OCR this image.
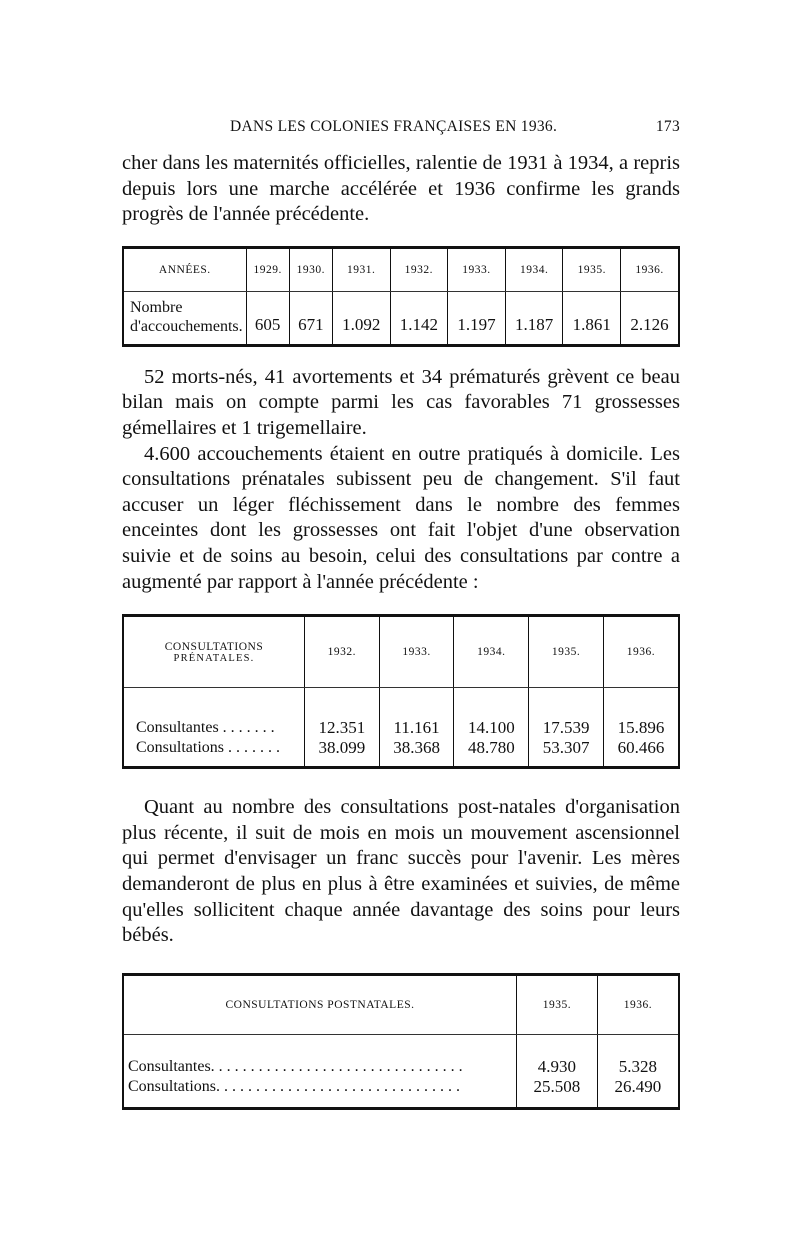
DANS LES COLONIES FRANÇAISES EN 1936.	173

cher dans les maternités officielles, ralentie de 1931 à 1934, a repris depuis lors une marche accélérée et 1936 confirme les grands progrès de l'année précédente.

ANNÉES.	1929.	1930.	1931.	1932.	1933.	1934.	1935.	1936.
Nombre d'accouchements.	605	671	1.092	1.142	1.197	1.187	1.861	2.126

52 morts-nés, 41 avortements et 34 prématurés grèvent ce beau bilan mais on compte parmi les cas favorables 71 grossesses gémellaires et 1 trigemellaire.

4.600 accouchements étaient en outre pratiqués à domicile. Les consultations prénatales subissent peu de changement. S'il faut accuser un léger fléchissement dans le nombre des femmes enceintes dont les grossesses ont fait l'objet d'une observation suivie et de soins au besoin, celui des consultations par contre a augmenté par rapport à l'année précédente :

CONSULTATIONS
PRÉNATALES.	1932.	1933.	1934.	1935.	1936.
Consultantes . . . . . . .	12.351	11.161	14.100	17.539	15.896
Consultations . . . . . . .	38.099	38.368	48.780	53.307	60.466

Quant au nombre des consultations post-natales d'organisation plus récente, il suit de mois en mois un mouvement ascensionnel qui permet d'envisager un franc succès pour l'avenir. Les mères demanderont de plus en plus à être examinées et suivies, de même qu'elles sollicitent chaque année davantage des soins pour leurs bébés.

CONSULTATIONS POSTNATALES.	1935.	1936.
Consultantes. . . . . . . . . . . . . . . . . . . . . . . . . . . . . . . .	4.930	5.328
Consultations. . . . . . . . . . . . . . . . . . . . . . . . . . . . . . .	25.508	26.490
